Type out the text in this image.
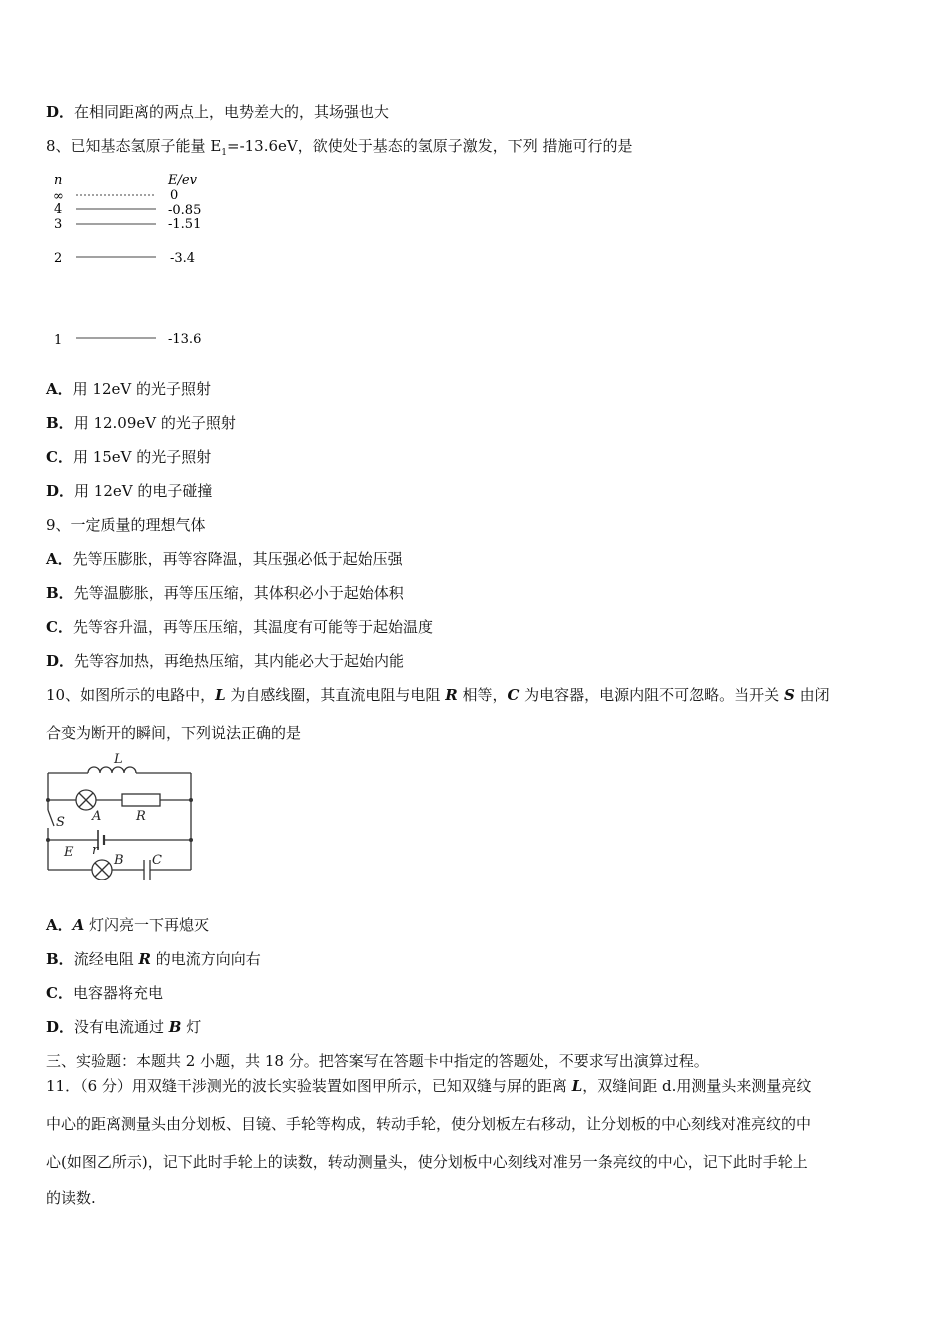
D．在相同距离的两点上，电势差大的，其场强也大
8、已知基态氢原子能量 $E_1=-13.6eV$，欲使处于基态的氢原子激发，下列 措施可行的是
n	E/ev
∞	0
4	-0.85
3	-1.51
2	-3.4
1	-13.6
A．用 12eV 的光子照射
B．用 12.09eV 的光子照射
C．用 15eV 的光子照射
D．用 12eV 的电子碰撞
9、一定质量的理想气体
A．先等压膨胀，再等容降温，其压强必低于起始压强
B．先等温膨胀，再等压压缩，其体积必小于起始体积
C．先等容升温，再等压压缩，其温度有可能等于起始温度
D．先等容加热，再绝热压缩，其内能必大于起始内能
10、如图所示的电路中，L 为自感线圈，其直流电阻与电阻 R 相等，C 为电容器，电源内阻不可忽略。当开关 S 由闭
合变为断开的瞬间，下列说法正确的是
L
A	R
S
E r
B C
A．A 灯闪亮一下再熄灭
B．流经电阻 R 的电流方向向右
C．电容器将充电
D．没有电流通过 B 灯
三、实验题：本题共 2 小题，共 18 分。把答案写在答题卡中指定的答题处，不要求写出演算过程。
11．（6 分）用双缝干涉测光的波长实验装置如图甲所示，已知双缝与屏的距离 L，双缝间距 d.用测量头来测量亮纹
中心的距离测量头由分划板、目镜、手轮等构成，转动手轮，使分划板左右移动，让分划板的中心刻线对准亮纹的中
心(如图乙所示)，记下此时手轮上的读数，转动测量头，使分划板中心刻线对准另一条亮纹的中心，记下此时手轮上
的读数.
